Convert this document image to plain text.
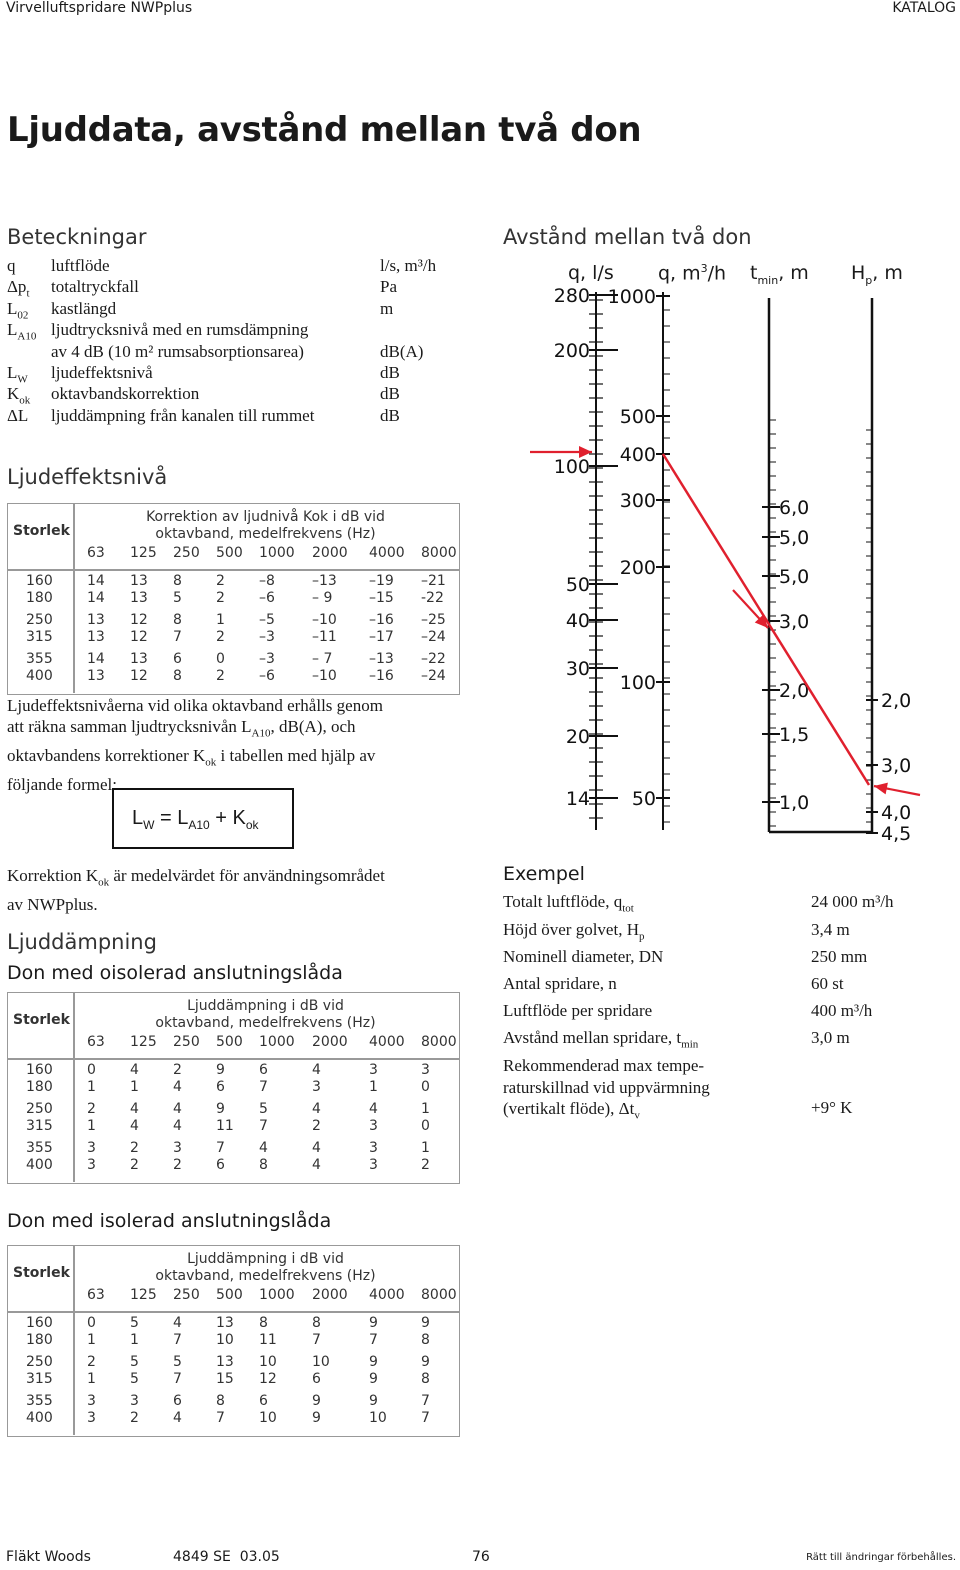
Virvelluftspridare NWPplus	KATALOG
Ljuddata, avstånd mellan två don
Beteckningar
q luftflöde	l/s, m³/h
$\Delta p_t$ totaltryckfall	Pa
$L_{02}$ kastlängd	m
$L_{A10}$ ljudtrycksnivå med en rumsdämpning
av 4 dB (10 m² rumsabsorptionsarea)	dB(A)
$L_W$ ljudeffektsnivå	dB
$K_{ok}$ oktavbandskorrektion	dB
ΔL ljuddämpning från kanalen till rummet	dB
Ljudeffektsnivå
Storlek
Korrektion av ljudnivå Kok i dB vid
oktavband, medelfrekvens (Hz)
63 125 250 500 1000 2000 4000 8000
160 14 13 8 2 –8	–13 –19 –21
180 14 13 5 2 –6	– 9	–15 -22
250 13 12 8 1 –5	–10 –16 –25
315 13 12 7 2 –3	–11 –17 –24
355 14 13 6 0 –3	– 7	–13 –22
400 13 12 8 2 –6	–10 –16 –24
Ljudeffektsnivåerna vid olika oktavband erhålls genom
att räkna samman ljudtrycksnivån $L_{A10}$, dB(A), och
oktavbandens korrektioner $K_{ok}$ i tabellen med hjälp av
följande formel:
$L_W = L_{A10} + K_{ok}$
Korrektion $K_{ok}$ är medelvärdet för användningsområdet
av NWPplus.
Ljuddämpning
Don med oisolerad anslutningslåda
Storlek
Ljuddämpning i dB vid
oktavband, medelfrekvens (Hz)
63 125 250 500 1000 2000 4000 8000
160 0 4 2 9 6	4	3	3
180 1 1 4 6 7	3	1	0
250 2 4 4 9 5	4	4	1
315 1 4 4 11 7	2	3	0
355 3 2 3 7 4	4	3	1
400 3 2 2 6 8	4	3	2
Don med isolerad anslutningslåda
Storlek
Ljuddämpning i dB vid
oktavband, medelfrekvens (Hz)
63 125 250 500 1000 2000 4000 8000
160 0 5 4 13 8	8	9	9
180 1 1 7 10 11	7	7	8
250 2 5 5 13 10	10	9	9
315 1 5 7 15 12	6	9	8
355 3 3 6 8 6	9	9	7
400 3 2 4 7 10	9	10 7
Avstånd mellan två don
q, l/s q, $m^3/h$ $t_{min}$, m $H_p$, m
280
200
100
50
40
30
20
14
1000
500
400
300
200
100
50
6,0
5,0
5,0
3,0
2,0
1,5
1,0
2,0
3,0
4,0
4,5
Exempel
Totalt luftflöde, $q_{tot}$	24 000 m³/h
Höjd över golvet, $H_p$	3,4 m
Nominell diameter, DN	250 mm
Antal spridare, n	60 st
Luftflöde per spridare	400 m³/h
Avstånd mellan spridare, $t_{min}$	3,0 m
Rekommenderad max tempe-
raturskillnad vid uppvärmning
(vertikalt flöde), $\Delta t_v$	+9° K
Fläkt Woods	4849 SE  03.05	76	Rätt till ändringar förbehålles.
